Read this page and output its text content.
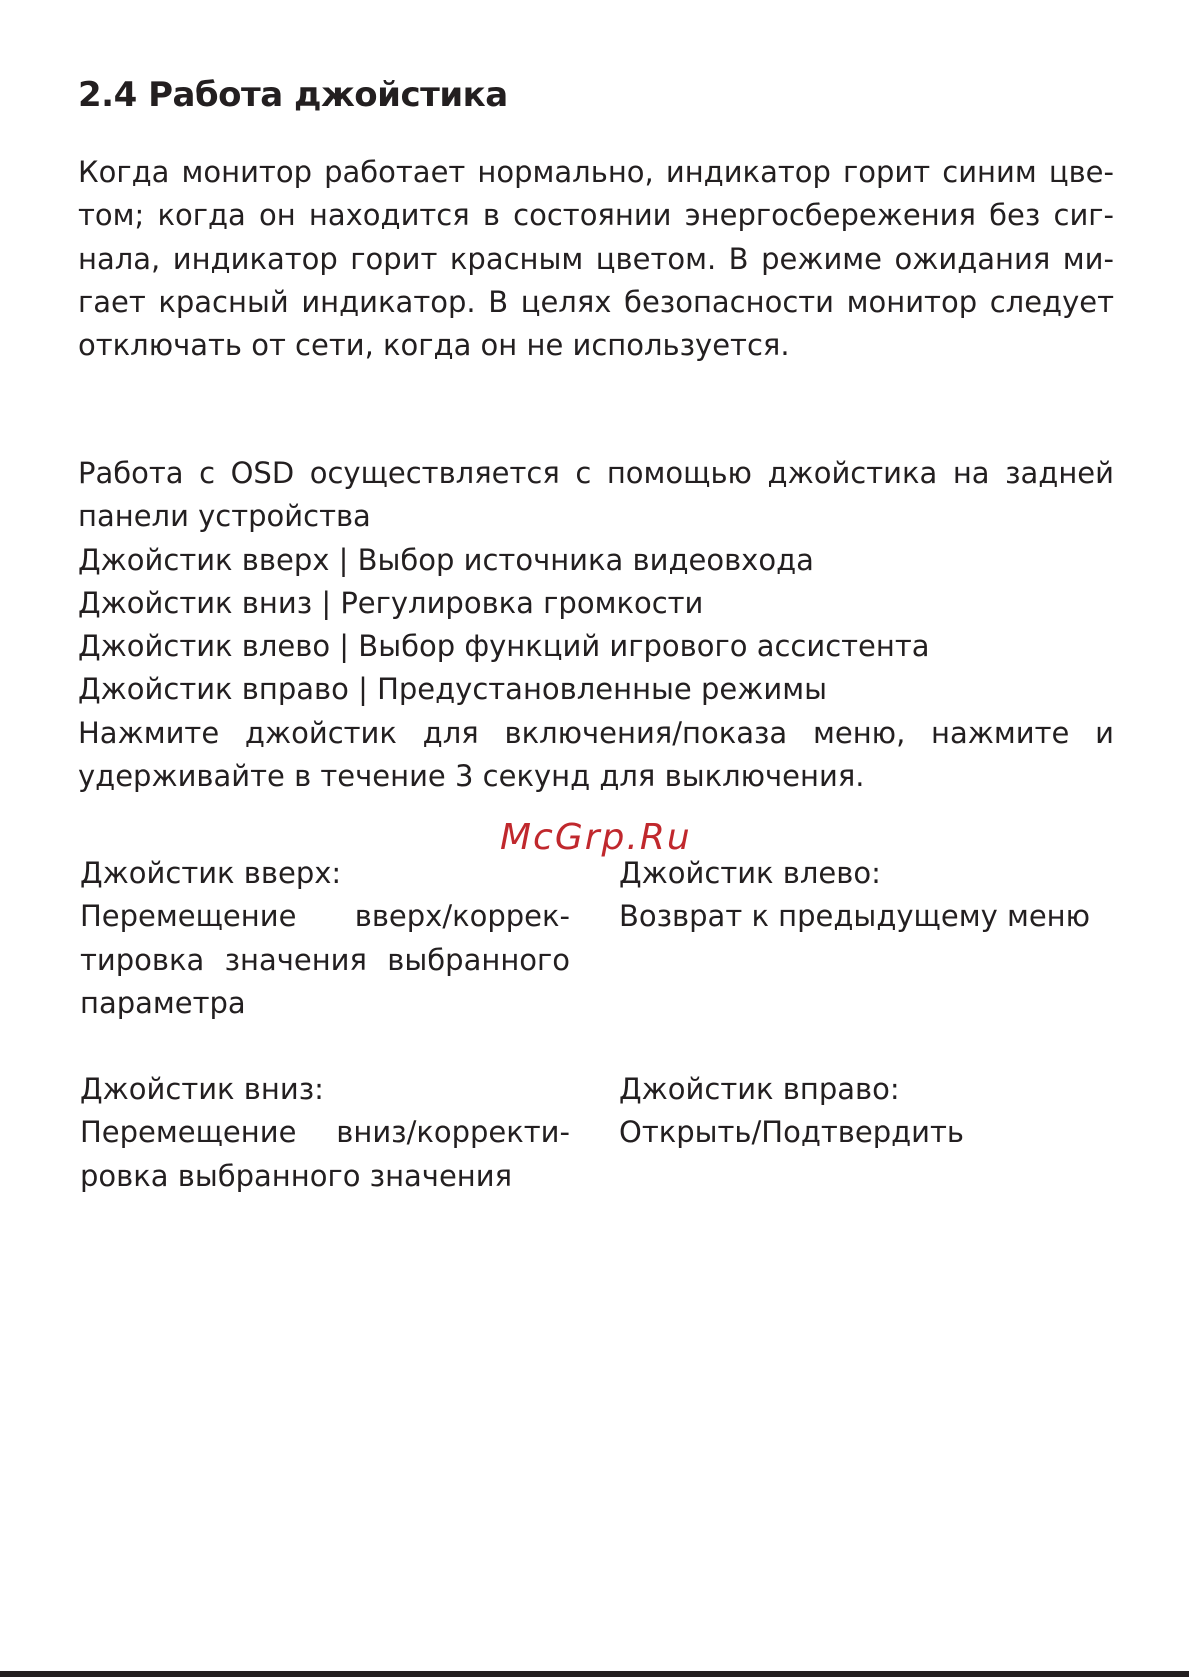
2.4 Работа джойстика
Когда монитор работает нормально, индикатор горит синим цве-
том; когда он находится в состоянии энергосбережения без сиг-
нала, индикатор горит красным цветом. В режиме ожидания ми-
гает красный индикатор. В целях безопасности монитор следует
отключать от сети, когда он не используется.
Работа с OSD осуществляется с помощью джойстика на задней
панели устройства
Джойстик вверх | Выбор источника видеовхода
Джойстик вниз | Регулировка громкости
Джойстик влево | Выбор функций игрового ассистента
Джойстик вправо | Предустановленные режимы
Нажмите джойстик для включения/показа меню, нажмите и
удерживайте в течение 3 секунд для выключения.
McGrp.Ru
Джойстик вверх:
Перемещение вверх/коррек-
тировка значения выбранного
параметра
Джойстик влево:
Возврат к предыдущему меню
Джойстик вниз:
Перемещение вниз/корректи-
ровка выбранного значения
Джойстик вправо:
Открыть/Подтвердить
